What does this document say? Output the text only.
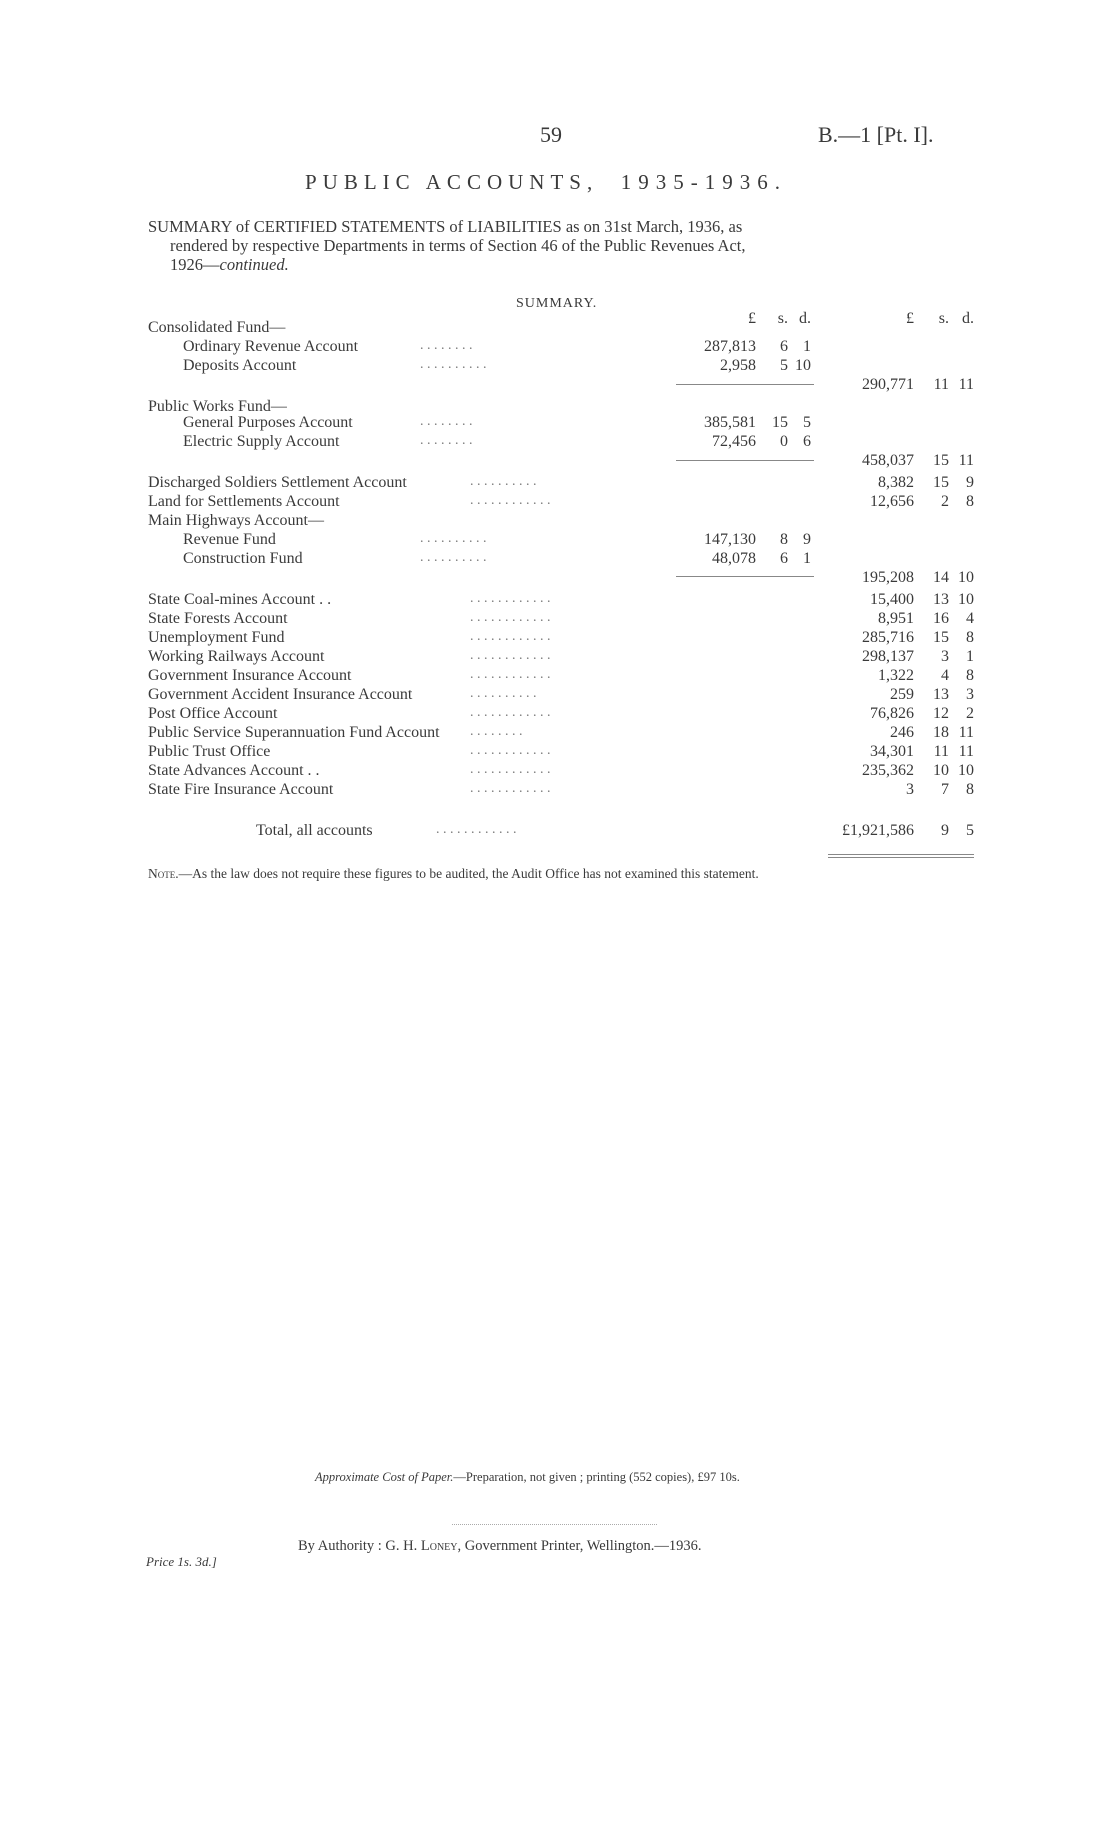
59	B.—1 [Pt. I].
PUBLIC ACCOUNTS, 1935-1936.
SUMMARY of CERTIFIED STATEMENTS of LIABILITIES as on 31st March, 1936, as
rendered by respective Departments in terms of Section 46 of the Public Revenues Act,
1926—continued.
SUMMARY.
£ s. d.	£ s. d.
Consolidated Fund—
Ordinary Revenue Account	. . . . . . . .	287,813 6 1
Deposits Account	. . . . . . . . . .	2,958 5 10
290,771 11 11
Public Works Fund—
General Purposes Account	. . . . . . . .	385,581 15 5
Electric Supply Account	. . . . . . . .	72,456 0 6
458,037 15 11
Discharged Soldiers Settlement Account	. . . . . . . . . .	8,382 15 9
Land for Settlements Account	. . . . . . . . . . . .	12,656 2 8
Main Highways Account—
Revenue Fund	. . . . . . . . . .	147,130 8 9
Construction Fund	. . . . . . . . . .	48,078 6 1
195,208 14 10
State Coal-mines Account . .	. . . . . . . . . . . .	15,400 13 10
State Forests Account	. . . . . . . . . . . .	8,951 16 4
Unemployment Fund	. . . . . . . . . . . .	285,716 15 8
Working Railways Account	. . . . . . . . . . . .	298,137 3 1
Government Insurance Account	. . . . . . . . . . . .	1,322 4 8
Government Accident Insurance Account	. . . . . . . . . .	259 13 3
Post Office Account	. . . . . . . . . . . .	76,826 12 2
Public Service Superannuation Fund Account . . . . . . . .	246 18 11
Public Trust Office	. . . . . . . . . . . .	34,301 11 11
State Advances Account . .	. . . . . . . . . . . .	235,362 10 10
State Fire Insurance Account	. . . . . . . . . . . .	3 7 8
Total, all accounts	. . . . . . . . . . . .	£1,921,586 9 5
Note.—As the law does not require these figures to be audited, the Audit Office has not examined this statement.
Approximate Cost of Paper.—Preparation, not given ; printing (552 copies), £97 10s.
By Authority : G. H. Loney, Government Printer, Wellington.—1936.
Price 1s. 3d.]
